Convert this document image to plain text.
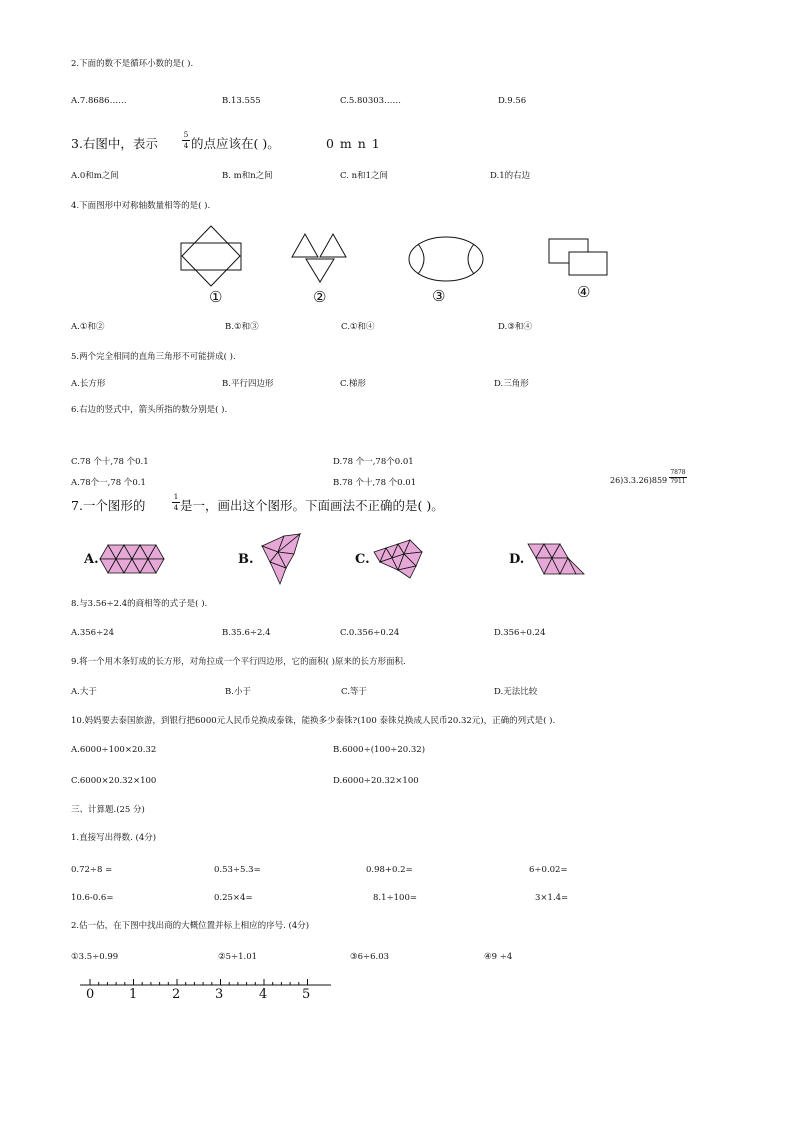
2.下面的数不是循环小数的是( ).
A.7.8686……	B.13.555	C.5.80303……	D.9.56
3.右图中，表示
5
4 的点应该在( )。	0 m n 1
A.0和m之间	B. m和n之间	C. n和1之间	D.1的右边
4.下面图形中对称轴数量相等的是( ).
①	②	③	④
A.①和②	B.①和③	C.①和④	D.③和④
5.两个完全相同的直角三角形不可能拼成( ).
A.长方形	B.平行四边形	C.梯形	D.三角形
6.右边的竖式中，箭头所指的数分别是( ).
C.78 个十,78 个0.1	D.78 个一,78个0.01
A.78个一,78 个0.1	B.78 个十,78 个0.01	26)3.3.26)859
7878
7911
7.一个图形的
1
4 是一，画出这个图形。下面画法不正确的是( )。
A.	B.	C.	D.
8.与3.56÷2.4的商相等的式子是( ).
A.356÷24	B.35.6÷2.4	C.0.356÷0.24	D.356÷0.24
9.将一个用木条钉成的长方形，对角拉成一个平行四边形，它的面积( )原来的长方形面积.
A.大于	B.小于	C.等于	D.无法比较
10.妈妈要去泰国旅游，到银行把6000元人民币兑换成泰铢，能换多少泰铢?(100 泰铢兑换成人民币20.32元)，正确的列式是( ).
A.6000÷100×20.32	B.6000÷(100÷20.32)
C.6000×20.32×100	D.6000÷20.32×100
三、计算题.(25 分)
1.直接写出得数. (4分)
0.72÷8 =	0.53÷5.3=	0.98+0.2=	6÷0.02=
10.6-0.6=	0.25×4=	8.1÷100=	3×1.4=
2.估一估，在下图中找出商的大概位置并标上相应的序号. (4分)
①3.5÷0.99	②5÷1.01	③6÷6.03	④9 ÷4
0	1	2	3	4	5
